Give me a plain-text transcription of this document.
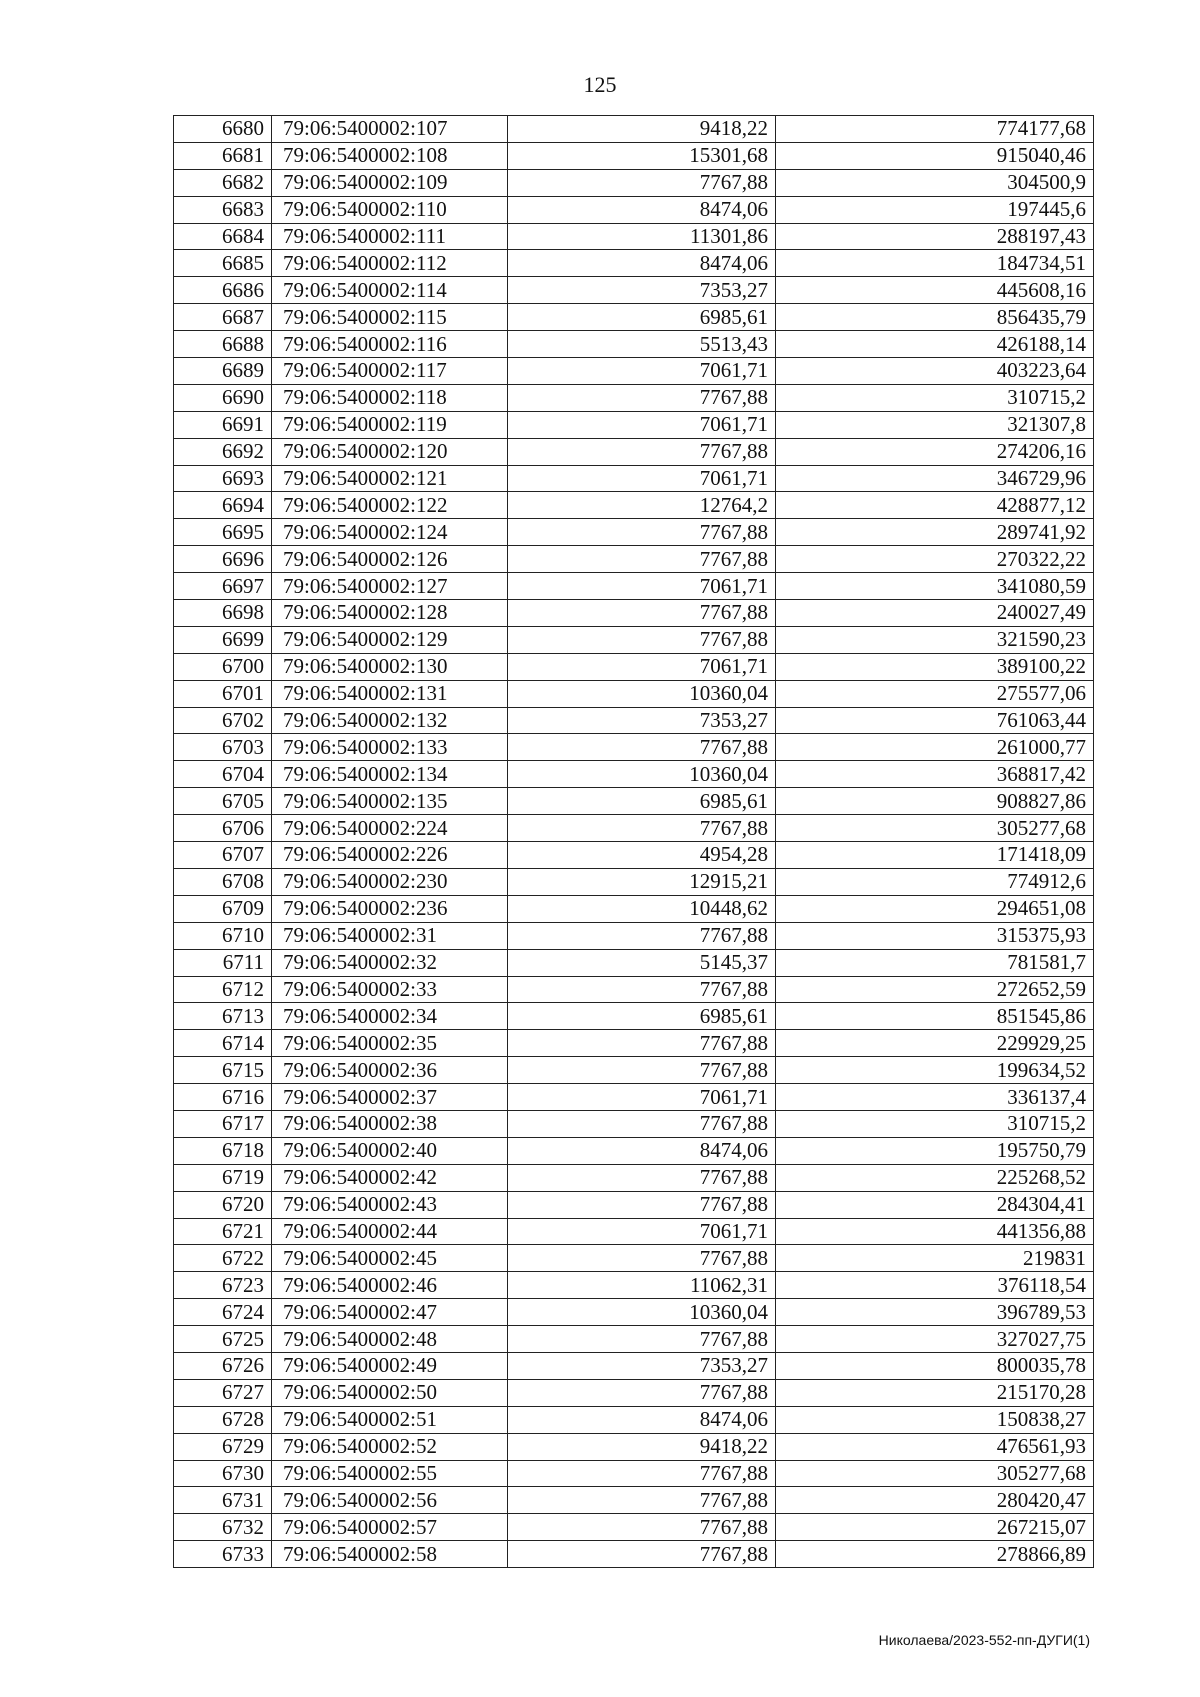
125
6680	79:06:5400002:107	9418,22	774177,68
6681	79:06:5400002:108	15301,68	915040,46
6682	79:06:5400002:109	7767,88	304500,9
6683	79:06:5400002:110	8474,06	197445,6
6684	79:06:5400002:111	11301,86	288197,43
6685	79:06:5400002:112	8474,06	184734,51
6686	79:06:5400002:114	7353,27	445608,16
6687	79:06:5400002:115	6985,61	856435,79
6688	79:06:5400002:116	5513,43	426188,14
6689	79:06:5400002:117	7061,71	403223,64
6690	79:06:5400002:118	7767,88	310715,2
6691	79:06:5400002:119	7061,71	321307,8
6692	79:06:5400002:120	7767,88	274206,16
6693	79:06:5400002:121	7061,71	346729,96
6694	79:06:5400002:122	12764,2	428877,12
6695	79:06:5400002:124	7767,88	289741,92
6696	79:06:5400002:126	7767,88	270322,22
6697	79:06:5400002:127	7061,71	341080,59
6698	79:06:5400002:128	7767,88	240027,49
6699	79:06:5400002:129	7767,88	321590,23
6700	79:06:5400002:130	7061,71	389100,22
6701	79:06:5400002:131	10360,04	275577,06
6702	79:06:5400002:132	7353,27	761063,44
6703	79:06:5400002:133	7767,88	261000,77
6704	79:06:5400002:134	10360,04	368817,42
6705	79:06:5400002:135	6985,61	908827,86
6706	79:06:5400002:224	7767,88	305277,68
6707	79:06:5400002:226	4954,28	171418,09
6708	79:06:5400002:230	12915,21	774912,6
6709	79:06:5400002:236	10448,62	294651,08
6710	79:06:5400002:31	7767,88	315375,93
6711	79:06:5400002:32	5145,37	781581,7
6712	79:06:5400002:33	7767,88	272652,59
6713	79:06:5400002:34	6985,61	851545,86
6714	79:06:5400002:35	7767,88	229929,25
6715	79:06:5400002:36	7767,88	199634,52
6716	79:06:5400002:37	7061,71	336137,4
6717	79:06:5400002:38	7767,88	310715,2
6718	79:06:5400002:40	8474,06	195750,79
6719	79:06:5400002:42	7767,88	225268,52
6720	79:06:5400002:43	7767,88	284304,41
6721	79:06:5400002:44	7061,71	441356,88
6722	79:06:5400002:45	7767,88	219831
6723	79:06:5400002:46	11062,31	376118,54
6724	79:06:5400002:47	10360,04	396789,53
6725	79:06:5400002:48	7767,88	327027,75
6726	79:06:5400002:49	7353,27	800035,78
6727	79:06:5400002:50	7767,88	215170,28
6728	79:06:5400002:51	8474,06	150838,27
6729	79:06:5400002:52	9418,22	476561,93
6730	79:06:5400002:55	7767,88	305277,68
6731	79:06:5400002:56	7767,88	280420,47
6732	79:06:5400002:57	7767,88	267215,07
6733	79:06:5400002:58	7767,88	278866,89
Николаева/2023-552-пп-ДУГИ(1)
